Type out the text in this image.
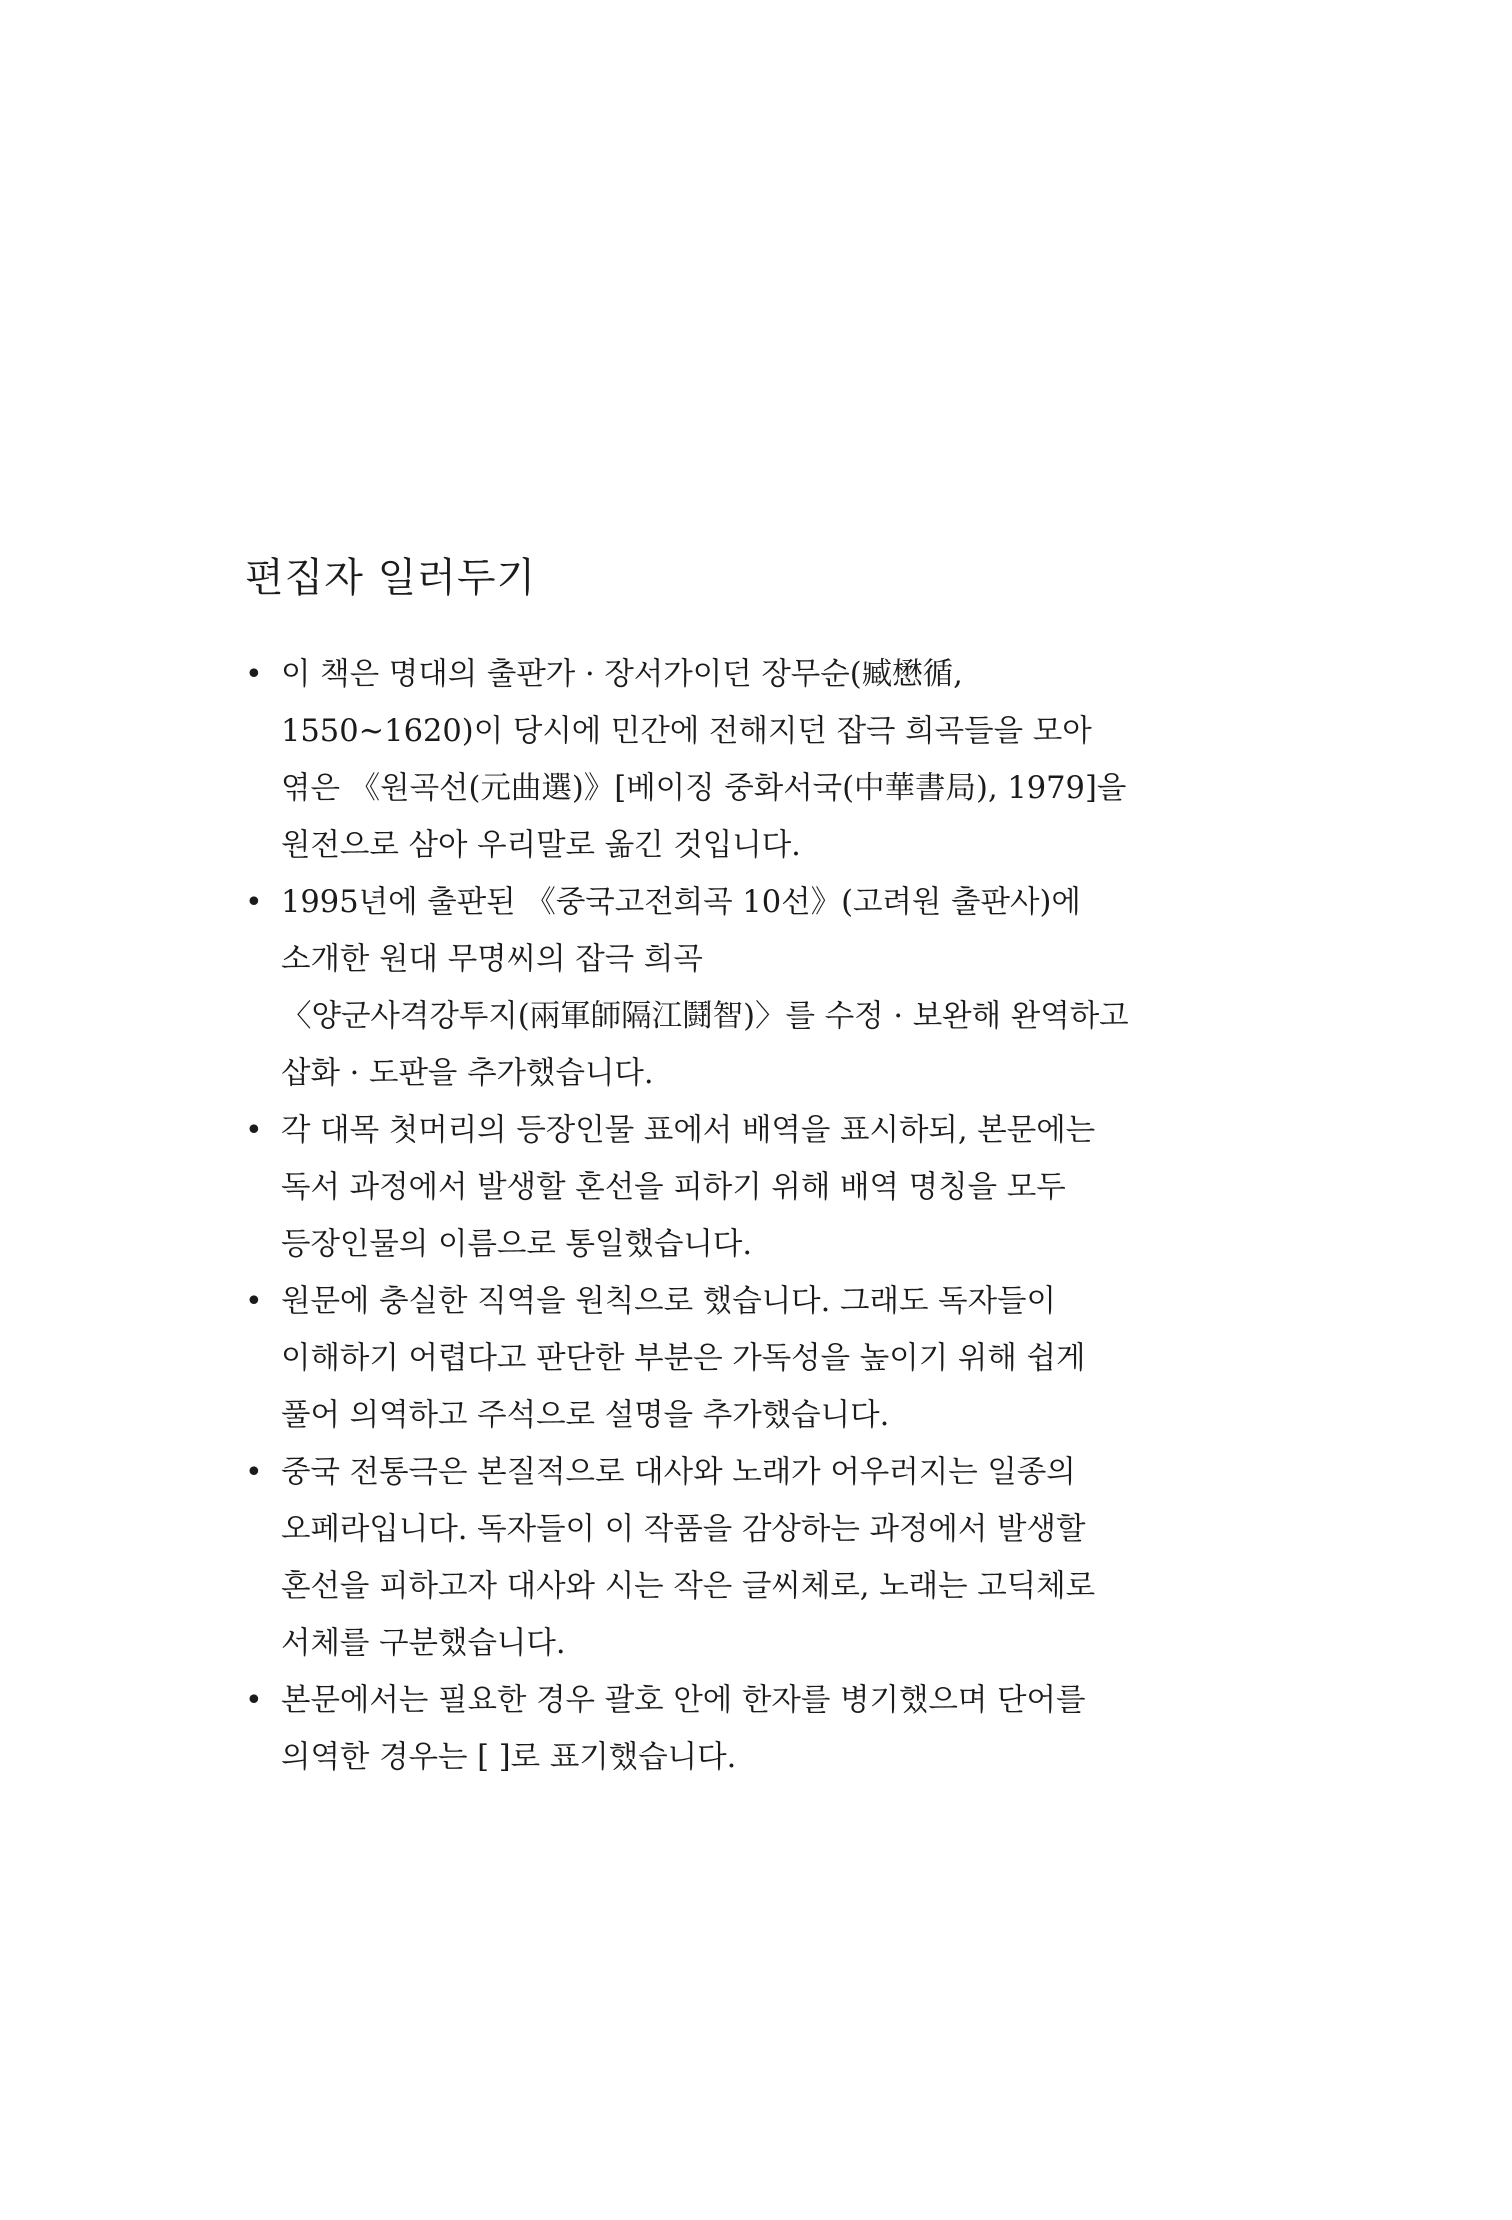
편집자 일러두기
• 이 책은 명대의 출판가 · 장서가이던 장무순(臧懋循,
1550~1620)이 당시에 민간에 전해지던 잡극 희곡들을 모아
엮은 《원곡선(元曲選)》[베이징 중화서국(中華書局), 1979]을
원전으로 삼아 우리말로 옮긴 것입니다.
• 1995년에 출판된 《중국고전희곡 10선》(고려원 출판사)에
소개한 원대 무명씨의 잡극 희곡
〈양군사격강투지(兩軍師隔江鬪智)〉를 수정 · 보완해 완역하고
삽화 · 도판을 추가했습니다.
• 각 대목 첫머리의 등장인물 표에서 배역을 표시하되, 본문에는
독서 과정에서 발생할 혼선을 피하기 위해 배역 명칭을 모두
등장인물의 이름으로 통일했습니다.
• 원문에 충실한 직역을 원칙으로 했습니다. 그래도 독자들이
이해하기 어렵다고 판단한 부분은 가독성을 높이기 위해 쉽게
풀어 의역하고 주석으로 설명을 추가했습니다.
• 중국 전통극은 본질적으로 대사와 노래가 어우러지는 일종의
오페라입니다. 독자들이 이 작품을 감상하는 과정에서 발생할
혼선을 피하고자 대사와 시는 작은 글씨체로, 노래는 고딕체로
서체를 구분했습니다.
• 본문에서는 필요한 경우 괄호 안에 한자를 병기했으며 단어를
의역한 경우는 [ ]로 표기했습니다.
